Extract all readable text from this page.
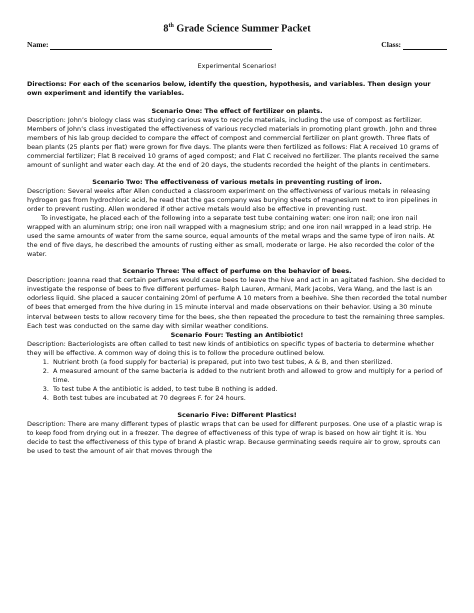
8th Grade Science Summer Packet
Name:	Class:
Experimental Scenarios!
Directions: For each of the scenarios below, identify the question, hypothesis, and variables. Then design your own experiment and identify the variables.
Scenario One: The effect of fertilizer on plants.

Description: John’s biology class was studying carious ways to recycle materials, including the use of compost as fertilizer. Members of John’s class investigated the effectiveness of various recycled materials in promoting plant growth. John and three members of his lab group decided to compare the effect of compost and commercial fertilizer on plant growth. Three flats of bean plants (25 plants per flat) were grown for five days. The plants were then fertilized as follows: Flat A received 10 grams of commercial fertilizer; Flat B received 10 grams of aged compost; and Flat C received no fertilizer. The plants received the same amount of sunlight and water each day. At the end of 20 days, the students recorded the height of the plants in centimeters.

Scenario Two: The effectiveness of various metals in preventing rusting of iron.

Description: Several weeks after Allen conducted a classroom experiment on the effectiveness of various metals in releasing hydrogen gas from hydrochloric acid, he read that the gas company was burying sheets of magnesium next to iron pipelines in order to prevent rusting. Allen wondered if other active metals would also be effective in preventing rust.

To investigate, he placed each of the following into a separate test tube containing water: one iron nail; one iron nail wrapped with an aluminum strip; one iron nail wrapped with a magnesium strip; and one iron nail wrapped in a lead strip. He used the same amounts of water from the same source, equal amounts of the metal wraps and the same type of iron nails. At the end of five days, he described the amounts of rusting either as small, moderate or large. He also recorded the color of the water.

Scenario Three: The effect of perfume on the behavior of bees.

Description: Joanna read that certain perfumes would cause bees to leave the hive and act in an agitated fashion. She decided to investigate the response of bees to five different perfumes- Ralph Lauren, Armani, Mark Jacobs, Vera Wang, and the last is an odorless liquid. She placed a saucer containing 20ml of perfume A 10 meters from a beehive. She then recorded the total number of bees that emerged from the hive during in 15 minute interval and made observations on their behavior. Using a 30 minute interval between tests to allow recovery time for the bees, she then repeated the procedure to test the remaining three samples. Each test was conducted on the same day with similar weather conditions.

Scenario Four: Testing an Antibiotic!

Description: Bacteriologists are often called to test new kinds of antibiotics on specific types of bacteria to determine whether they will be effective. A common way of doing this is to follow the procedure outlined below.

1. Nutrient broth (a food supply for bacteria) is prepared, put into two test tubes, A & B, and then sterilized.
2. A measured amount of the same bacteria is added to the nutrient broth and allowed to grow and multiply for a period of time.
3. To test tube A the antibiotic is added, to test tube B nothing is added.
4. Both test tubes are incubated at 70 degrees F. for 24 hours.
Scenario Five: Different Plastics!

Description: There are many different types of plastic wraps that can be used for different purposes. One use of a plastic wrap is to keep food from drying out in a freezer. The degree of effectiveness of this type of wrap is based on how air tight it is. You decide to test the effectiveness of this type of brand A plastic wrap. Because germinating seeds require air to grow, sprouts can be used to test the amount of air that moves through the
